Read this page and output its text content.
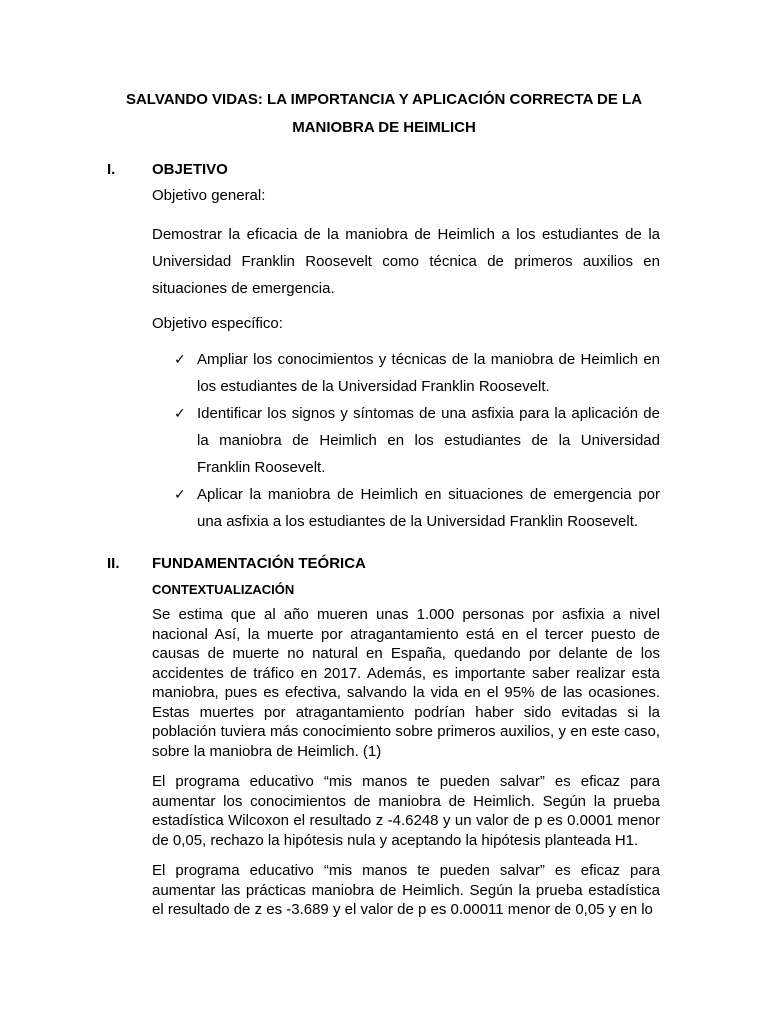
SALVANDO VIDAS: LA IMPORTANCIA Y APLICACIÓN CORRECTA DE LA
MANIOBRA DE HEIMLICH
I. OBJETIVO
Objetivo general:
Demostrar la eficacia de la maniobra de Heimlich a los estudiantes de la Universidad Franklin Roosevelt como técnica de primeros auxilios en situaciones de emergencia.
Objetivo específico:
✓ Ampliar los conocimientos y técnicas de la maniobra de Heimlich en los estudiantes de la Universidad Franklin Roosevelt.
✓ Identificar los signos y síntomas de una asfixia para la aplicación de la maniobra de Heimlich en los estudiantes de la Universidad Franklin Roosevelt.
✓ Aplicar la maniobra de Heimlich en situaciones de emergencia por una asfixia a los estudiantes de la Universidad Franklin Roosevelt.
II. FUNDAMENTACIÓN TEÓRICA
CONTEXTUALIZACIÓN
Se estima que al año mueren unas 1.000 personas por asfixia a nivel nacional Así, la muerte por atragantamiento está en el tercer puesto de causas de muerte no natural en España, quedando por delante de los accidentes de tráfico en 2017. Además, es importante saber realizar esta maniobra, pues es efectiva, salvando la vida en el 95% de las ocasiones. Estas muertes por atragantamiento podrían haber sido evitadas si la población tuviera más conocimiento sobre primeros auxilios, y en este caso, sobre la maniobra de Heimlich. (1)
El programa educativo “mis manos te pueden salvar” es eficaz para aumentar los conocimientos de maniobra de Heimlich. Según la prueba estadística Wilcoxon el resultado z -4.6248 y un valor de p es 0.0001 menor de 0,05, rechazo la hipótesis nula y aceptando la hipótesis planteada H1.
El programa educativo “mis manos te pueden salvar” es eficaz para aumentar las prácticas maniobra de Heimlich. Según la prueba estadística el resultado de z es -3.689 y el valor de p es 0.00011 menor de 0,05 y en lo
